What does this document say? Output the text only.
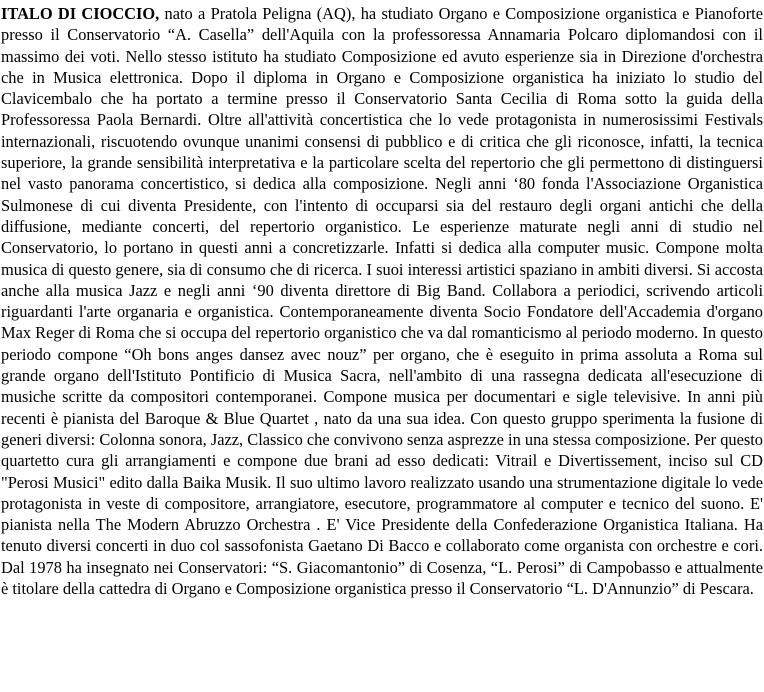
ITALO DI CIOCCIO, nato a Pratola Peligna (AQ), ha studiato Organo e Composizione organistica e Pianoforte presso il Conservatorio “A. Casella” dell'Aquila con la professoressa Annamaria Polcaro diplomandosi con il massimo dei voti. Nello stesso istituto ha studiato Composizione ed avuto esperienze sia in Direzione d'orchestra che in Musica elettronica. Dopo il diploma in Organo e Composizione organistica ha iniziato lo studio del Clavicembalo che ha portato a termine presso il Conservatorio Santa Cecilia di Roma sotto la guida della Professoressa Paola Bernardi. Oltre all'attività concertistica che lo vede protagonista in numerosissimi Festivals internazionali, riscuotendo ovunque unanimi consensi di pubblico e di critica che gli riconosce, infatti, la tecnica superiore, la grande sensibilità interpretativa e la particolare scelta del repertorio che gli permettono di distinguersi nel vasto panorama concertistico, si dedica alla composizione. Negli anni ‘80 fonda l'Associazione Organistica Sulmonese di cui diventa Presidente, con l'intento di occuparsi sia del restauro degli organi antichi che della diffusione, mediante concerti, del repertorio organistico. Le esperienze maturate negli anni di studio nel Conservatorio, lo portano in questi anni a concretizzarle. Infatti si dedica alla computer music. Compone molta musica di questo genere, sia di consumo che di ricerca. I suoi interessi artistici spaziano in ambiti diversi. Si accosta anche alla musica Jazz e negli anni ‘90 diventa direttore di Big Band. Collabora a periodici, scrivendo articoli riguardanti l'arte organaria e organistica. Contemporaneamente diventa Socio Fondatore dell'Accademia d'organo Max Reger di Roma che si occupa del repertorio organistico che va dal romanticismo al periodo moderno. In questo periodo compone “Oh bons anges dansez avec nouz” per organo, che è eseguito in prima assoluta a Roma sul grande organo dell'Istituto Pontificio di Musica Sacra, nell'ambito di una rassegna dedicata all'esecuzione di musiche scritte da compositori contemporanei. Compone musica per documentari e sigle televisive. In anni più recenti è pianista del Baroque & Blue Quartet , nato da una sua idea. Con questo gruppo sperimenta la fusione di generi diversi: Colonna sonora, Jazz, Classico che convivono senza asprezze in una stessa composizione. Per questo quartetto cura gli arrangiamenti e compone due brani ad esso dedicati: Vitrail e Divertissement, inciso sul CD "Perosi Musici" edito dalla Baika Musik. Il suo ultimo lavoro realizzato usando una strumentazione digitale lo vede protagonista in veste di compositore, arrangiatore, esecutore, programmatore al computer e tecnico del suono. E' pianista nella The Modern Abruzzo Orchestra . E' Vice Presidente della Confederazione Organistica Italiana. Ha tenuto diversi concerti in duo col sassofonista Gaetano Di Bacco e collaborato come organista con orchestre e cori. Dal 1978 ha insegnato nei Conservatori: “S. Giacomantonio” di Cosenza, “L. Perosi” di Campobasso e attualmente è titolare della cattedra di Organo e Composizione organistica presso il Conservatorio “L. D'Annunzio” di Pescara.
